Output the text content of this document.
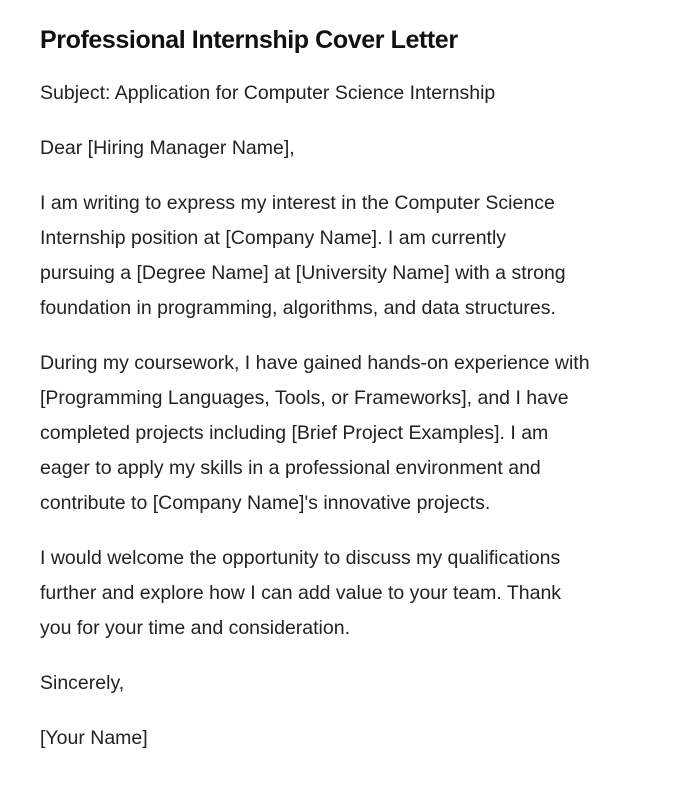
Professional Internship Cover Letter

Subject: Application for Computer Science Internship

Dear [Hiring Manager Name],

I am writing to express my interest in the Computer Science
Internship position at [Company Name]. I am currently
pursuing a [Degree Name] at [University Name] with a strong
foundation in programming, algorithms, and data structures.

During my coursework, I have gained hands-on experience with
[Programming Languages, Tools, or Frameworks], and I have
completed projects including [Brief Project Examples]. I am
eager to apply my skills in a professional environment and
contribute to [Company Name]'s innovative projects.

I would welcome the opportunity to discuss my qualifications
further and explore how I can add value to your team. Thank
you for your time and consideration.

Sincerely,

[Your Name]
